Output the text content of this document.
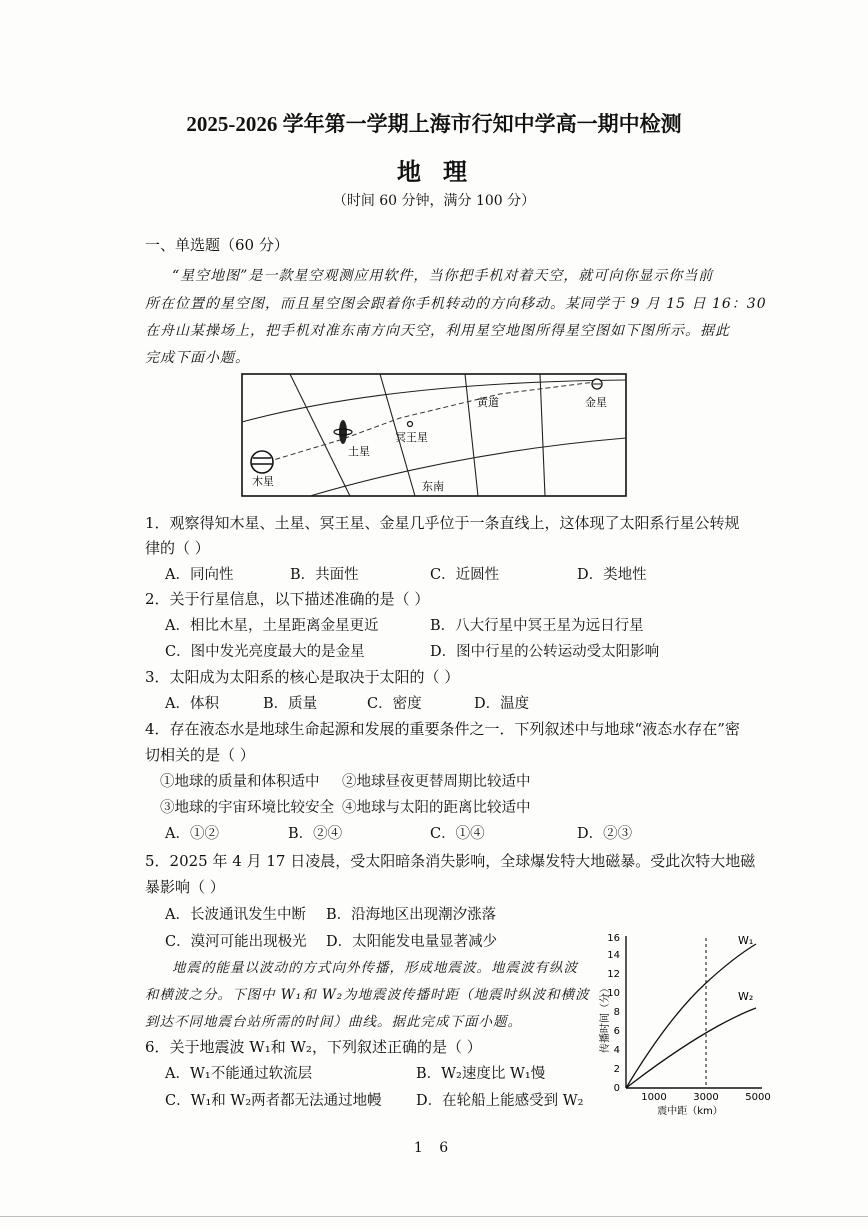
2025-2026 学年第一学期上海市行知中学高一期中检测
地理
（时间 60 分钟，满分 100 分）
一、单选题（60 分）
“星空地图”是一款星空观测应用软件，当你把手机对着天空，就可向你显示你当前
所在位置的星空图，而且星空图会跟着你手机转动的方向移动。某同学于 9 月 15 日 16：30
在舟山某操场上，把手机对准东南方向天空，利用星空地图所得星空图如下图所示。据此
完成下面小题。
木星
土星
冥王星
金星
黄道
东南
1．观察得知木星、土星、冥王星、金星几乎位于一条直线上，这体现了太阳系行星公转规
律的（ ）
A．同向性	B．共面性	C．近圆性	D．类地性
2．关于行星信息，以下描述准确的是（ ）
A．相比木星，土星距离金星更近	B．八大行星中冥王星为远日行星
C．图中发光亮度最大的是金星	D．图中行星的公转运动受太阳影响
3．太阳成为太阳系的核心是取决于太阳的（ ）
A．体积	B．质量	C．密度	D．温度
4．存在液态水是地球生命起源和发展的重要条件之一．下列叙述中与地球“液态水存在”密
切相关的是（ ）
①地球的质量和体积适中 ②地球昼夜更替周期比较适中
③地球的宇宙环境比较安全 ④地球与太阳的距离比较适中
A．①②	B．②④	C．①④	D．②③
5．2025 年 4 月 17 日凌晨，受太阳暗条消失影响，全球爆发特大地磁暴。受此次特大地磁
暴影响（ ）
A．长波通讯发生中断 B．沿海地区出现潮汐涨落
C．漠河可能出现极光 D．太阳能发电量显著减少
地震的能量以波动的方式向外传播，形成地震波。地震波有纵波
和横波之分。下图中 W₁和 W₂为地震波传播时距（地震时纵波和横波
到达不同地震台站所需的时间）曲线。据此完成下面小题。
6．关于地震波 W₁和 W₂，下列叙述正确的是（ ）
A．W₁不能通过软流层	B．W₂速度比 W₁慢
C．W₁和 W₂两者都无法通过地幔 D．在轮船上能感受到 W₂
0
2
4
6
8
10
12
14
16
1000	3000	5000
W₁
W₂
震中距（km）
传播时间（分）
1 6
